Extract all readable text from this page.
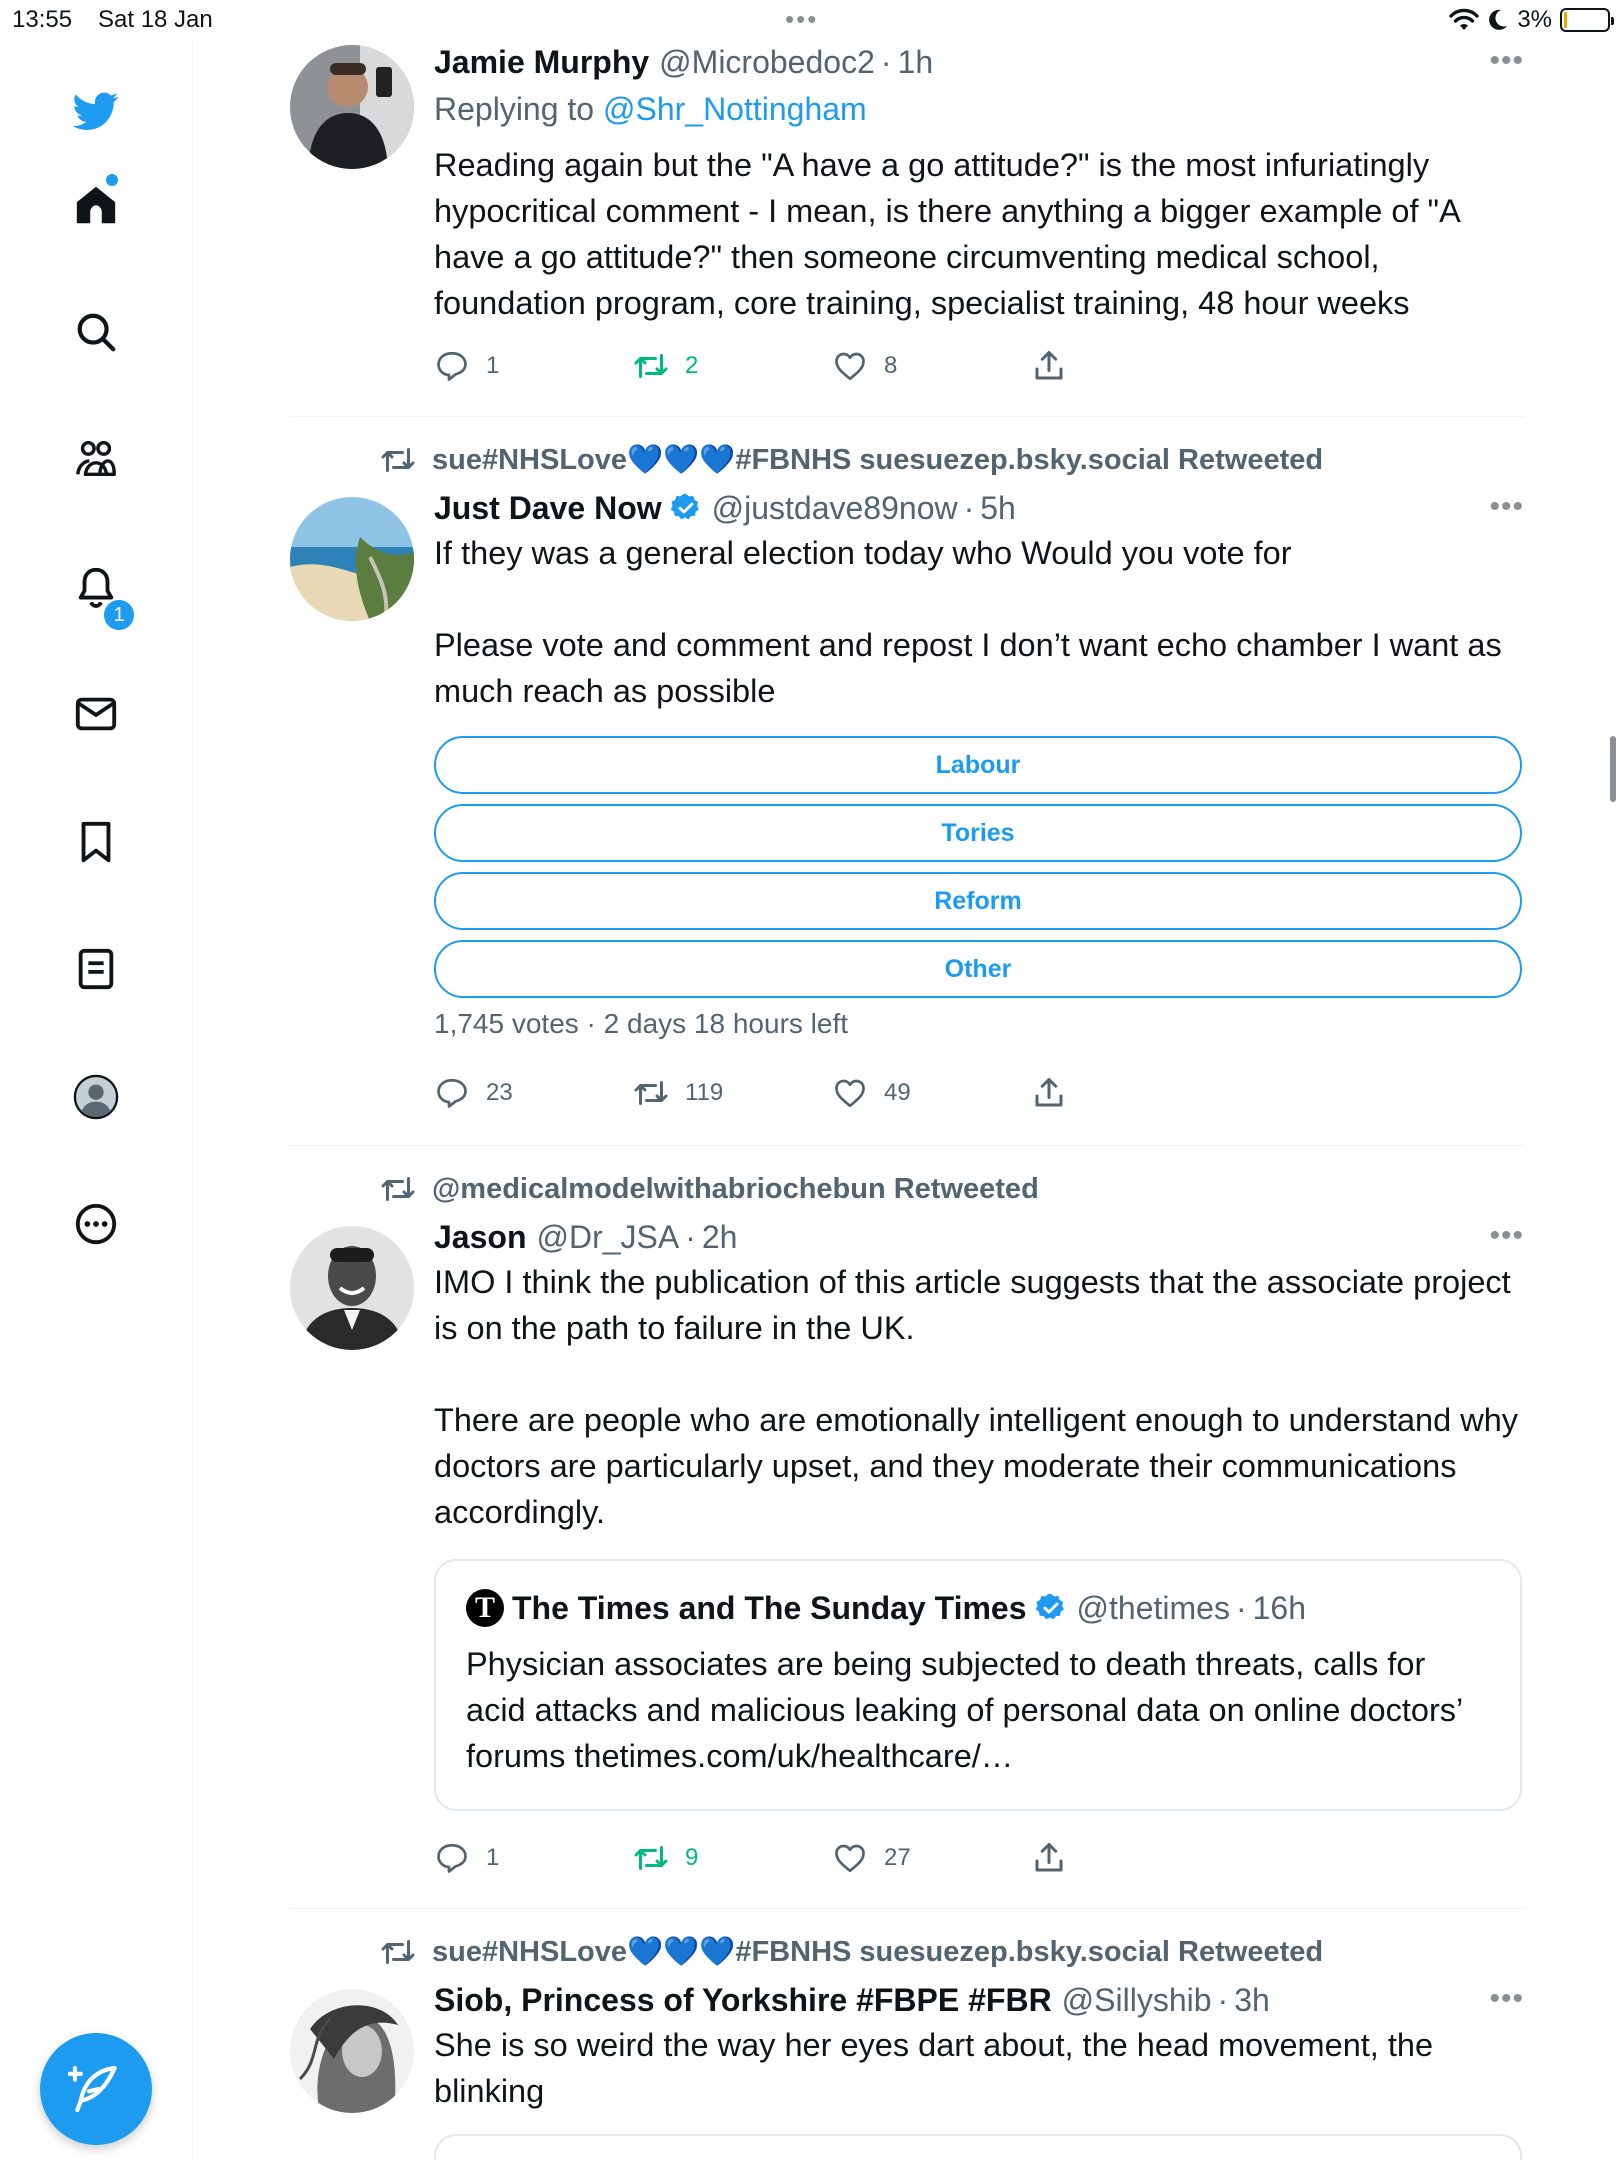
13:55 Sat 18 Jan	•••	3%
1
Jamie Murphy @Microbedoc2 · 1h	•••
Replying to @Shr_Nottingham
Reading again but the "A have a go attitude?" is the most infuriatingly hypocritical comment - I mean, is there anything a bigger example of "A have a go attitude?" then someone circumventing medical school, foundation program, core training, specialist training, 48 hour weeks
1	2	8
sue#NHSLove💙💙💙#FBNHS suesuezep.bsky.social Retweeted
Just Dave Now @justdave89now · 5h	•••
If they was a general election today who Would you vote for

Please vote and comment and repost I don’t want echo chamber I want as much reach as possible
Labour
Tories
Reform
Other
1,745 votes · 2 days 18 hours left
23	119	49
@medicalmodelwithabriochebun Retweeted
Jason @Dr_JSA · 2h	•••
IMO I think the publication of this article suggests that the associate project is on the path to failure in the UK.

There are people who are emotionally intelligent enough to understand why doctors are particularly upset, and they moderate their communications accordingly.
T The Times and The Sunday Times @thetimes · 16h
Physician associates are being subjected to death threats, calls for acid attacks and malicious leaking of personal data on online doctors’ forums thetimes.com/uk/healthcare/…
1	9	27
sue#NHSLove💙💙💙#FBNHS suesuezep.bsky.social Retweeted
Siob, Princess of Yorkshire #FBPE #FBR @Sillyshib · 3h	•••
She is so weird the way her eyes dart about, the head movement, the blinking
